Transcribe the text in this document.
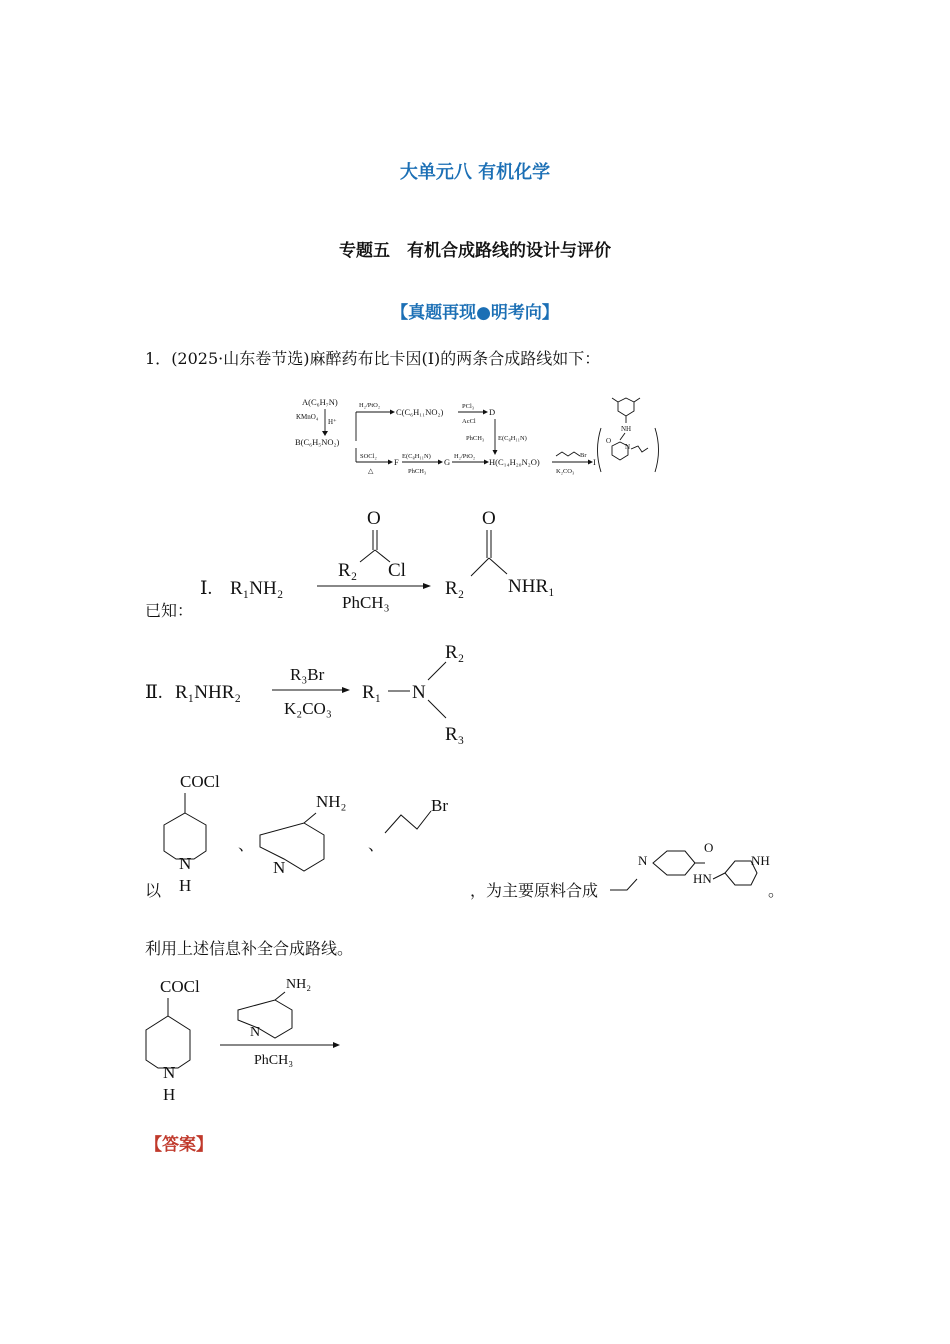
大单元八 有机化学
专题五　有机合成路线的设计与评价
【真题再现●明考向】
1．(2025·山东卷节选)麻醉药布比卡因(I)的两条合成路线如下：
A(C₆H₇N)
KMnO₄
H⁺
B(C₆H₅NO₂)
H₂/PtO₂
C(C₆H₁₁NO₂)
PCl₃
AcCl
D
PhCH₃ E(C₈H₁₁N)
SOCl₂
△
F
E(C₈H₁₁N)
PhCH₃
G
H₂/PtO₂
H(C₁₄H₂₀N₂O)
Br
K₂CO₃
I
NH
O
N
已知：
Ⅰ. R₁NH₂
O
R₂ Cl
PhCH₃
O
R₂ NHR₁
Ⅱ. R₁NHR₂
R₃Br
K₂CO₃
R₁ N
R₂
R₃
以
COCl
N
H
、
NH₂
N
、
Br
，为主要原料合成
N
O
HN
NH
。
利用上述信息补全合成路线。
COCl
N
H
NH₂
N
PhCH₃
【答案】
